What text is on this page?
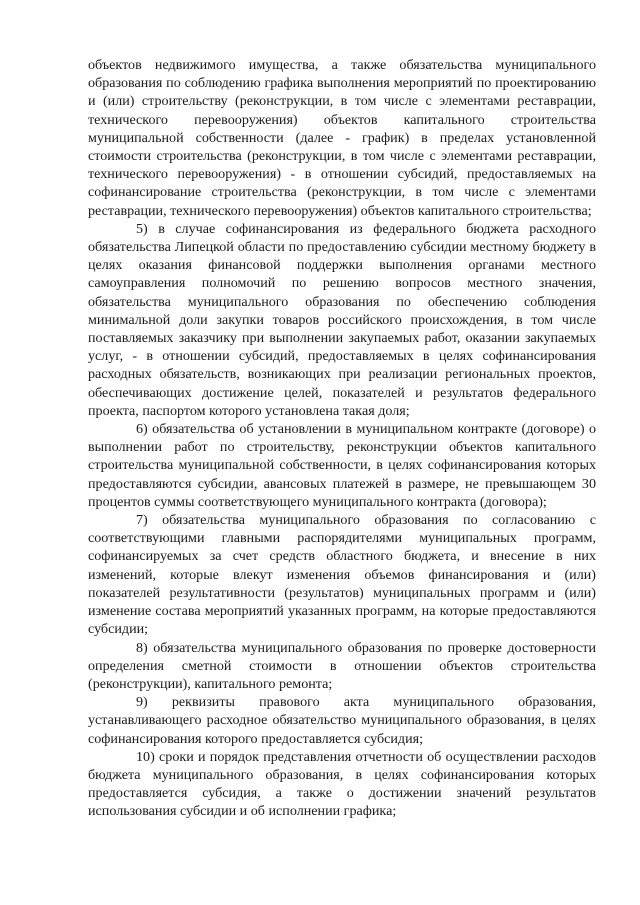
объектов недвижимого имущества, а также обязательства муниципального образования по соблюдению графика выполнения мероприятий по проектированию и (или) строительству (реконструкции, в том числе с элементами реставрации, технического перевооружения) объектов капитального строительства муниципальной собственности (далее - график) в пределах установленной стоимости строительства (реконструкции, в том числе с элементами реставрации, технического перевооружения) - в отношении субсидий, предоставляемых на софинансирование строительства (реконструкции, в том числе с элементами реставрации, технического перевооружения) объектов капитального строительства;

5) в случае софинансирования из федерального бюджета расходного обязательства Липецкой области по предоставлению субсидии местному бюджету в целях оказания финансовой поддержки выполнения органами местного самоуправления полномочий по решению вопросов местного значения, обязательства муниципального образования по обеспечению соблюдения минимальной доли закупки товаров российского происхождения, в том числе поставляемых заказчику при выполнении закупаемых работ, оказании закупаемых услуг, - в отношении субсидий, предоставляемых в целях софинансирования расходных обязательств, возникающих при реализации региональных проектов, обеспечивающих достижение целей, показателей и результатов федерального проекта, паспортом которого установлена такая доля;

6) обязательства об установлении в муниципальном контракте (договоре) о выполнении работ по строительству, реконструкции объектов капитального строительства муниципальной собственности, в целях софинансирования которых предоставляются субсидии, авансовых платежей в размере, не превышающем 30 процентов суммы соответствующего муниципального контракта (договора);

7) обязательства муниципального образования по согласованию с соответствующими главными распорядителями муниципальных программ, софинансируемых за счет средств областного бюджета, и внесение в них изменений, которые влекут изменения объемов финансирования и (или) показателей результативности (результатов) муниципальных программ и (или) изменение состава мероприятий указанных программ, на которые предоставляются субсидии;

8) обязательства муниципального образования по проверке достоверности определения сметной стоимости в отношении объектов строительства (реконструкции), капитального ремонта;

9) реквизиты правового акта муниципального образования, устанавливающего расходное обязательство муниципального образования, в целях софинансирования которого предоставляется субсидия;

10) сроки и порядок представления отчетности об осуществлении расходов бюджета муниципального образования, в целях софинансирования которых предоставляется субсидия, а также о достижении значений результатов использования субсидии и об исполнении графика;
